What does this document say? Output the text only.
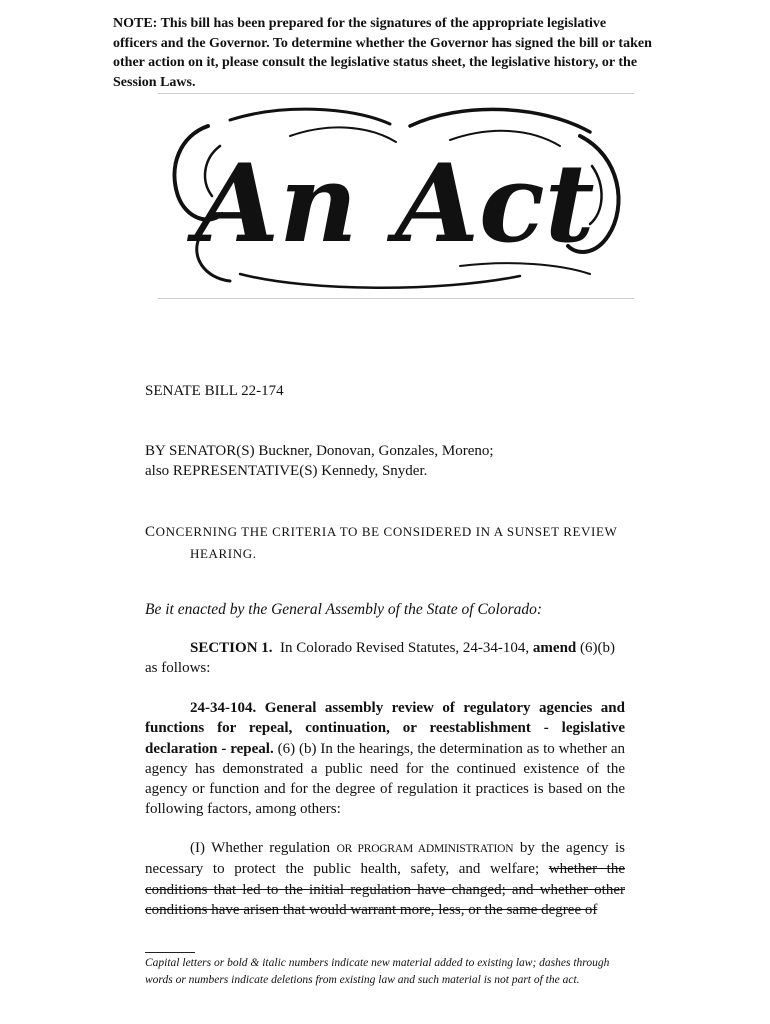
NOTE: This bill has been prepared for the signatures of the appropriate legislative officers and the Governor. To determine whether the Governor has signed the bill or taken other action on it, please consult the legislative status sheet, the legislative history, or the Session Laws.

An Act

SENATE BILL 22-174

BY SENATOR(S) Buckner, Donovan, Gonzales, Moreno;
also REPRESENTATIVE(S) Kennedy, Snyder.

CONCERNING THE CRITERIA TO BE CONSIDERED IN A SUNSET REVIEW
HEARING.

Be it enacted by the General Assembly of the State of Colorado:

SECTION 1. In Colorado Revised Statutes, 24-34-104, amend (6)(b) as follows:

24-34-104. General assembly review of regulatory agencies and functions for repeal, continuation, or reestablishment - legislative declaration - repeal. (6) (b) In the hearings, the determination as to whether an agency has demonstrated a public need for the continued existence of the agency or function and for the degree of regulation it practices is based on the following factors, among others:

(I) Whether regulation OR PROGRAM ADMINISTRATION by the agency is necessary to protect the public health, safety, and welfare; whether the conditions that led to the initial regulation have changed; and whether other conditions have arisen that would warrant more, less, or the same degree of

Capital letters or bold & italic numbers indicate new material added to existing law; dashes through words or numbers indicate deletions from existing law and such material is not part of the act.
